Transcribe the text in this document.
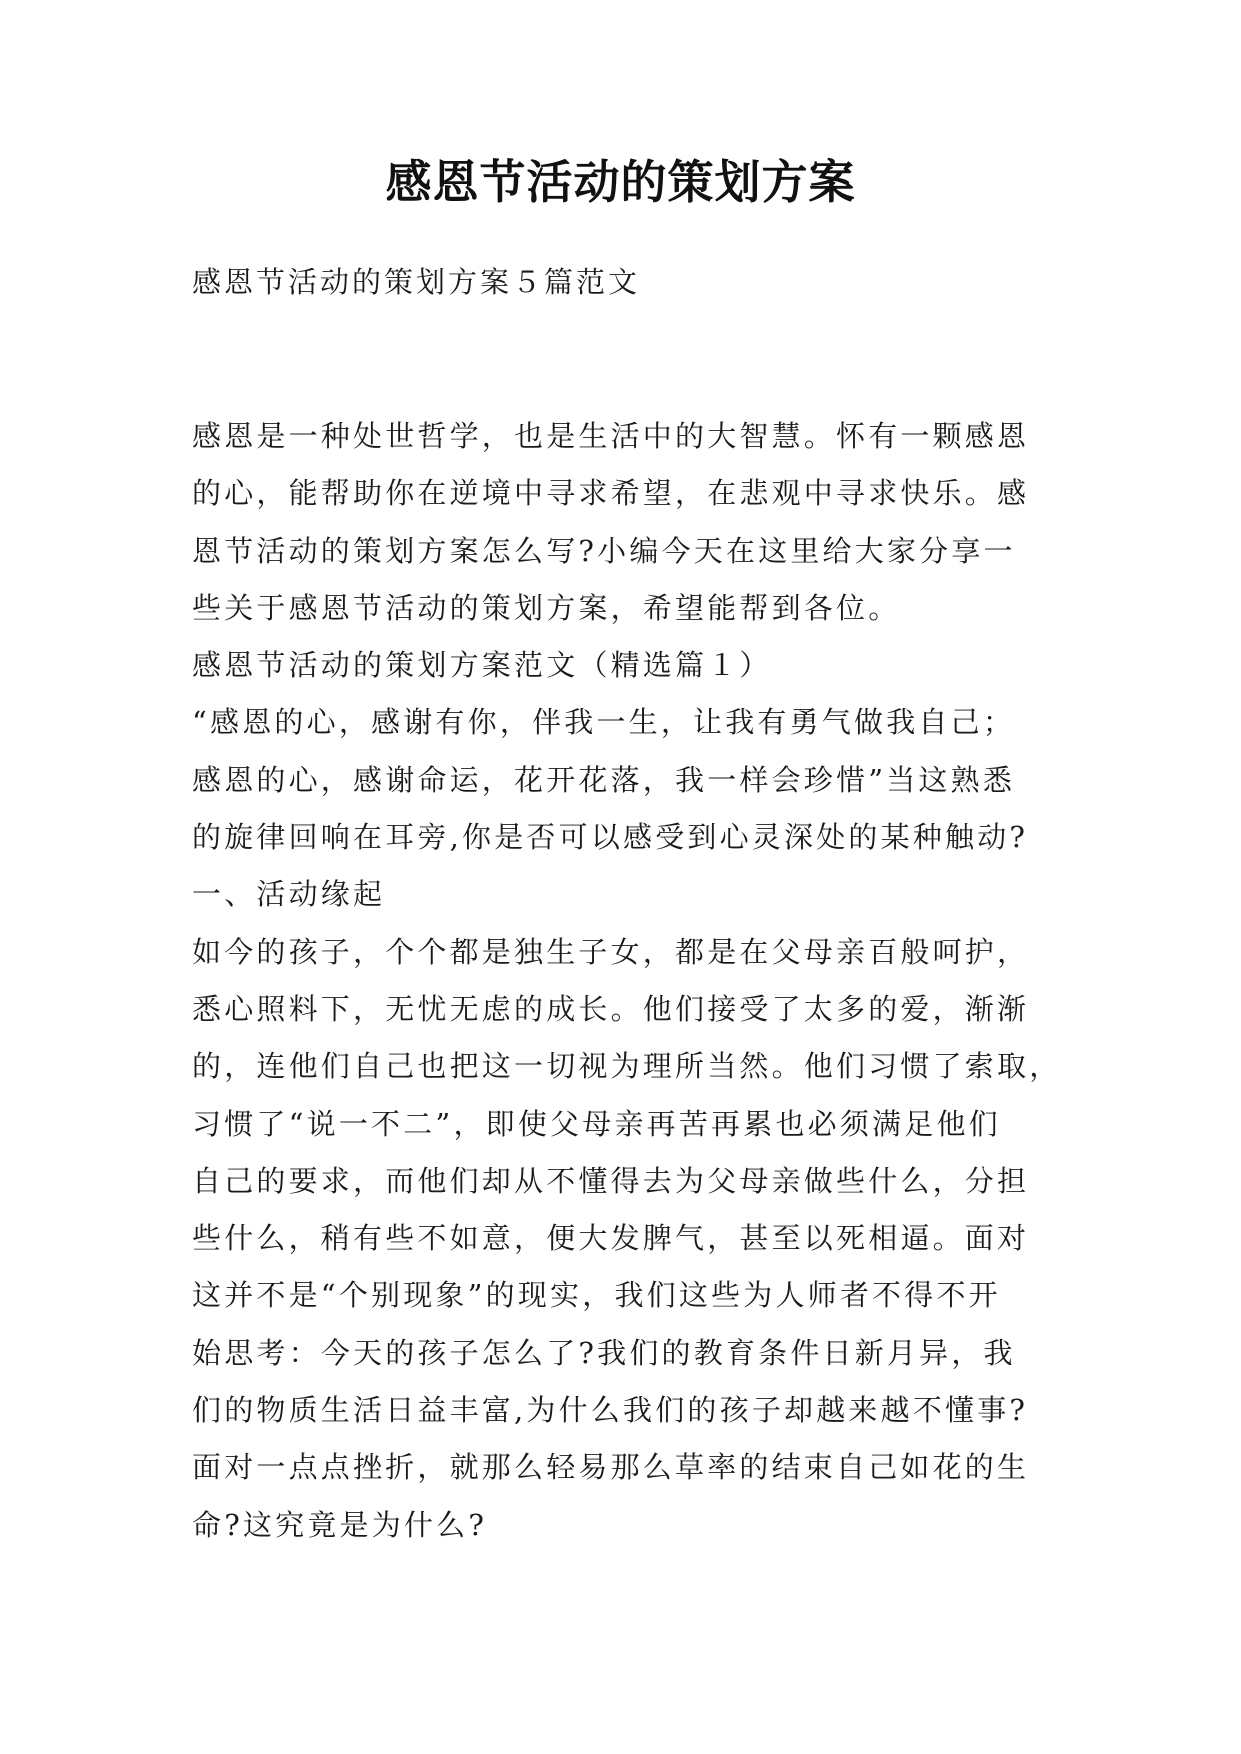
感恩节活动的策划方案
感恩节活动的策划方案５篇范文
感恩是一种处世哲学，也是生活中的大智慧。怀有一颗感恩
的心，能帮助你在逆境中寻求希望，在悲观中寻求快乐。感
恩节活动的策划方案怎么写?小编今天在这里给大家分享一
些关于感恩节活动的策划方案，希望能帮到各位。
感恩节活动的策划方案范文（精选篇１）
“感恩的心，感谢有你，伴我一生，让我有勇气做我自己；
感恩的心，感谢命运，花开花落，我一样会珍惜”当这熟悉
的旋律回响在耳旁,你是否可以感受到心灵深处的某种触动?
一、活动缘起
如今的孩子，个个都是独生子女，都是在父母亲百般呵护，
悉心照料下，无忧无虑的成长。他们接受了太多的爱，渐渐
的，连他们自己也把这一切视为理所当然。他们习惯了索取，
习惯了“说一不二”，即使父母亲再苦再累也必须满足他们
自己的要求，而他们却从不懂得去为父母亲做些什么，分担
些什么，稍有些不如意，便大发脾气，甚至以死相逼。面对
这并不是“个别现象”的现实，我们这些为人师者不得不开
始思考：今天的孩子怎么了?我们的教育条件日新月异，我
们的物质生活日益丰富,为什么我们的孩子却越来越不懂事?
面对一点点挫折，就那么轻易那么草率的结束自己如花的生
命?这究竟是为什么?
